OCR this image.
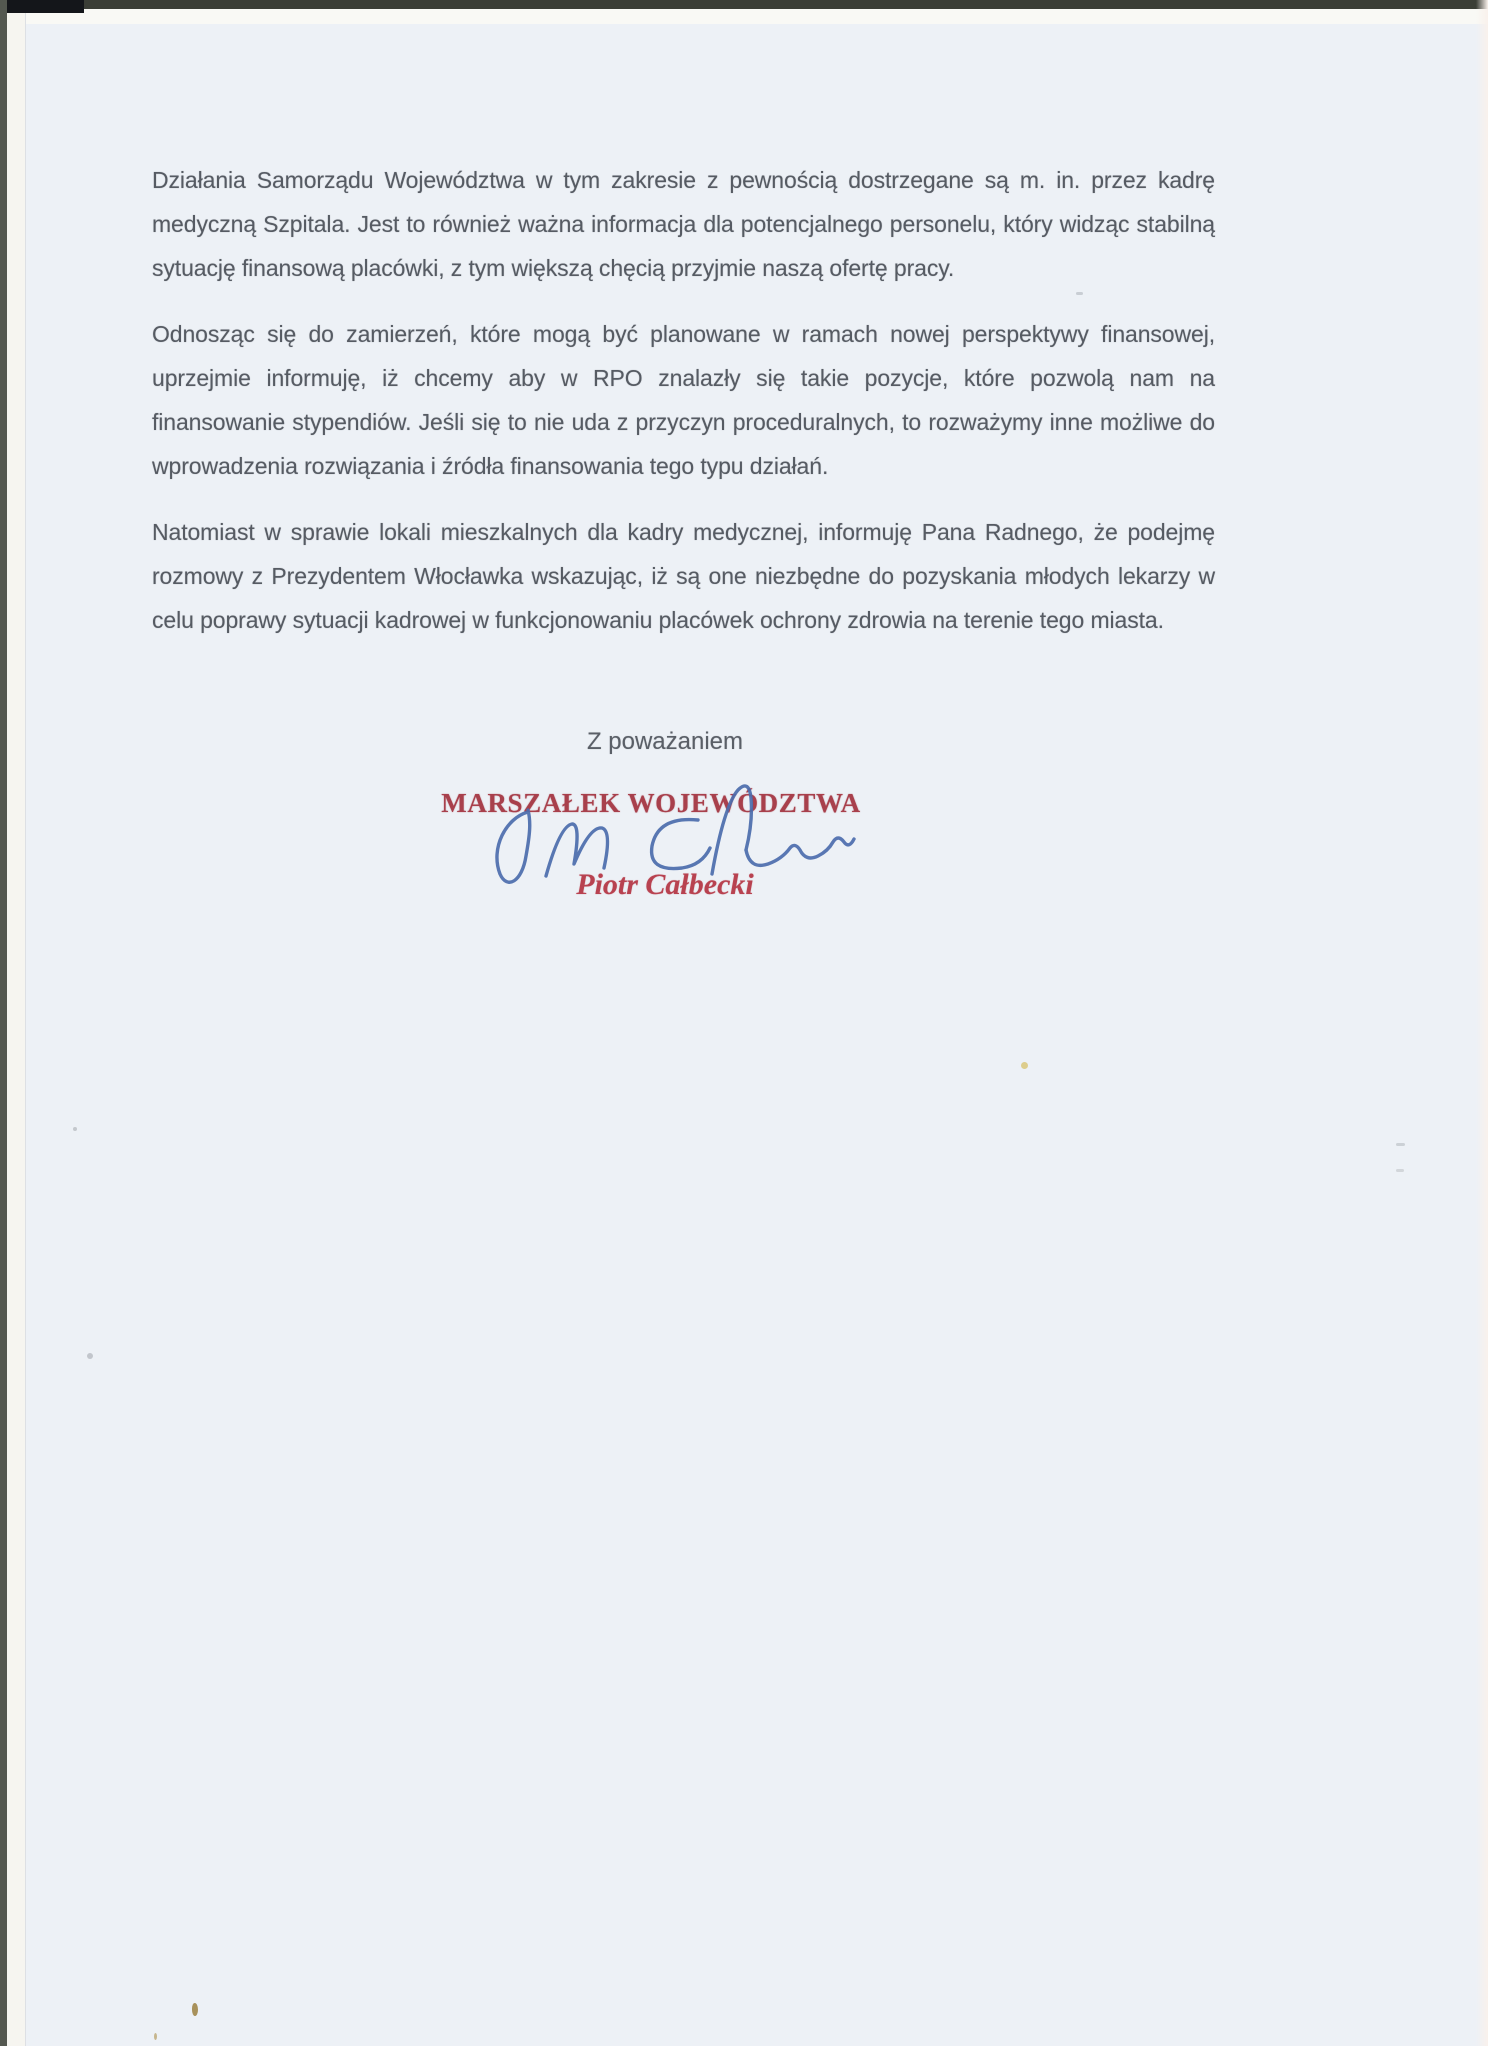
Działania Samorządu Województwa w tym zakresie z pewnością dostrzegane są m. in. przez kadrę medyczną Szpitala. Jest to również ważna informacja dla potencjalnego personelu, który widząc stabilną sytuację finansową placówki, z tym większą chęcią przyjmie naszą ofertę pracy.

Odnosząc się do zamierzeń, które mogą być planowane w ramach nowej perspektywy finansowej, uprzejmie informuję, iż chcemy aby w RPO znalazły się takie pozycje, które pozwolą nam na finansowanie stypendiów. Jeśli się to nie uda z przyczyn proceduralnych, to rozważymy inne możliwe do wprowadzenia rozwiązania i źródła finansowania tego typu działań.

Natomiast w sprawie lokali mieszkalnych dla kadry medycznej, informuję Pana Radnego, że podejmę rozmowy z Prezydentem Włocławka wskazując, iż są one niezbędne do pozyskania młodych lekarzy w celu poprawy sytuacji kadrowej w funkcjonowaniu placówek ochrony zdrowia na terenie tego miasta.

Z poważaniem
MARSZAŁEK WOJEWÓDZTWA
Piotr Całbecki
